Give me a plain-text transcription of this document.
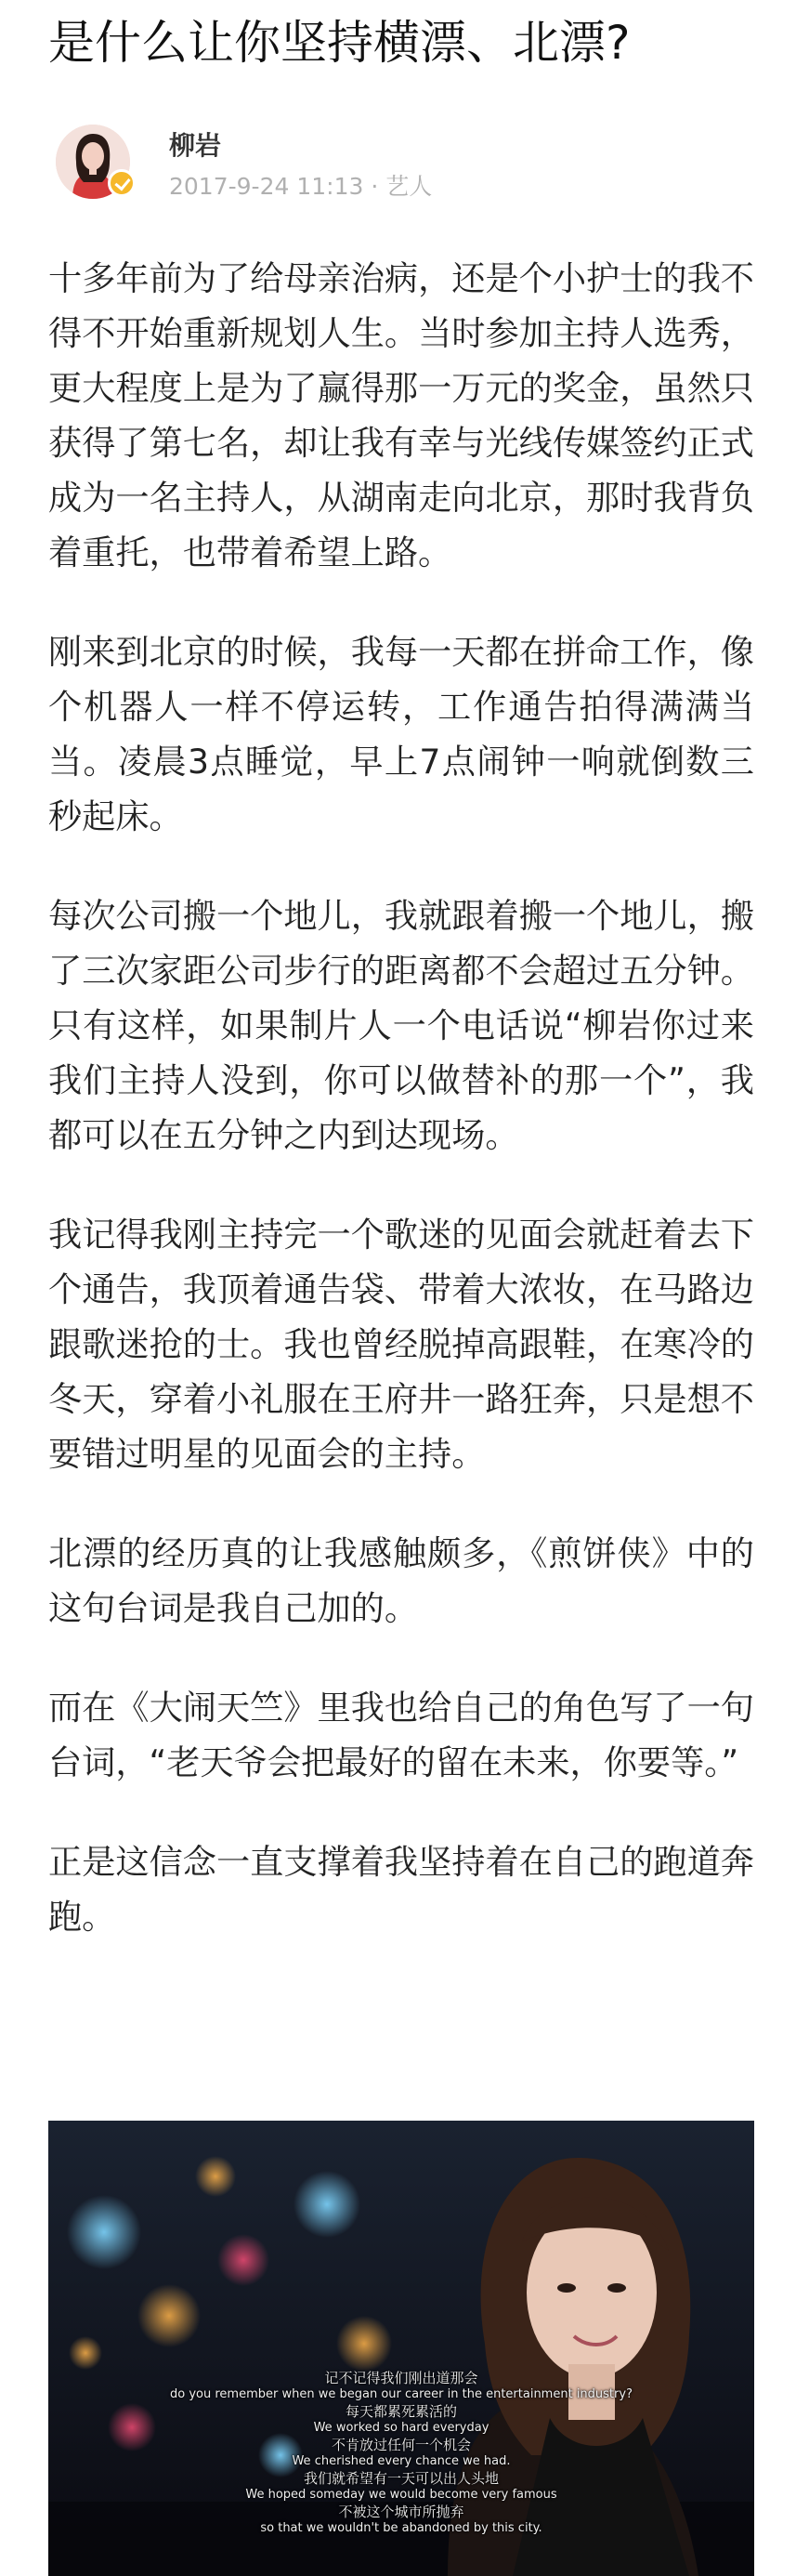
是什么让你坚持横漂、北漂?
柳岩
2017-9-24 11:13 · 艺人

十多年前为了给母亲治病，还是个小护士的我不得不开始重新规划人生。当时参加主持人选秀，更大程度上是为了赢得那一万元的奖金，虽然只获得了第七名，却让我有幸与光线传媒签约正式成为一名主持人，从湖南走向北京，那时我背负着重托，也带着希望上路。

刚来到北京的时候，我每一天都在拼命工作，像个机器人一样不停运转，工作通告拍得满满当当。凌晨3点睡觉，早上7点闹钟一响就倒数三秒起床。

每次公司搬一个地儿，我就跟着搬一个地儿，搬了三次家距公司步行的距离都不会超过五分钟。只有这样，如果制片人一个电话说“柳岩你过来我们主持人没到，你可以做替补的那一个”，我都可以在五分钟之内到达现场。

我记得我刚主持完一个歌迷的见面会就赶着去下个通告，我顶着通告袋、带着大浓妆，在马路边跟歌迷抢的士。我也曾经脱掉高跟鞋，在寒冷的冬天，穿着小礼服在王府井一路狂奔，只是想不要错过明星的见面会的主持。

北漂的经历真的让我感触颇多，《煎饼侠》中的这句台词是我自己加的。

而在《大闹天竺》里我也给自己的角色写了一句台词，“老天爷会把最好的留在未来，你要等。”

正是这信念一直支撑着我坚持着在自己的跑道奔跑。

记不记得我们刚出道那会
do you remember when we began our career in the entertainment industry?
每天都累死累活的
We worked so hard everyday
不肯放过任何一个机会
We cherished every chance we had.
我们就希望有一天可以出人头地
We hoped someday we would become very famous
不被这个城市所抛弃
so that we wouldn't be abandoned by this city.
